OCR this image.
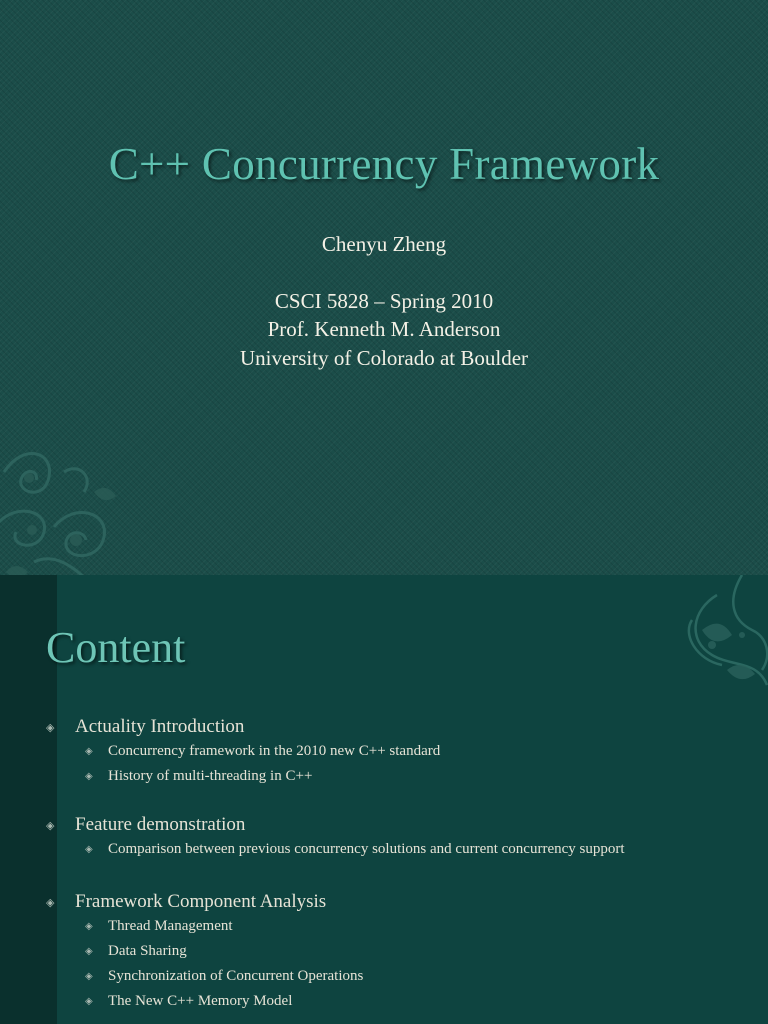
C++ Concurrency Framework
Chenyu Zheng
CSCI 5828 – Spring 2010
Prof. Kenneth M. Anderson
University of Colorado at Boulder
Content
◈ Actuality Introduction
◈ Concurrency framework in the 2010 new C++ standard
◈ History of multi-threading in C++
◈ Feature demonstration
◈ Comparison between previous concurrency solutions and current concurrency support
◈ Framework Component Analysis
◈ Thread Management
◈ Data Sharing
◈ Synchronization of Concurrent Operations
◈ The New C++ Memory Model
